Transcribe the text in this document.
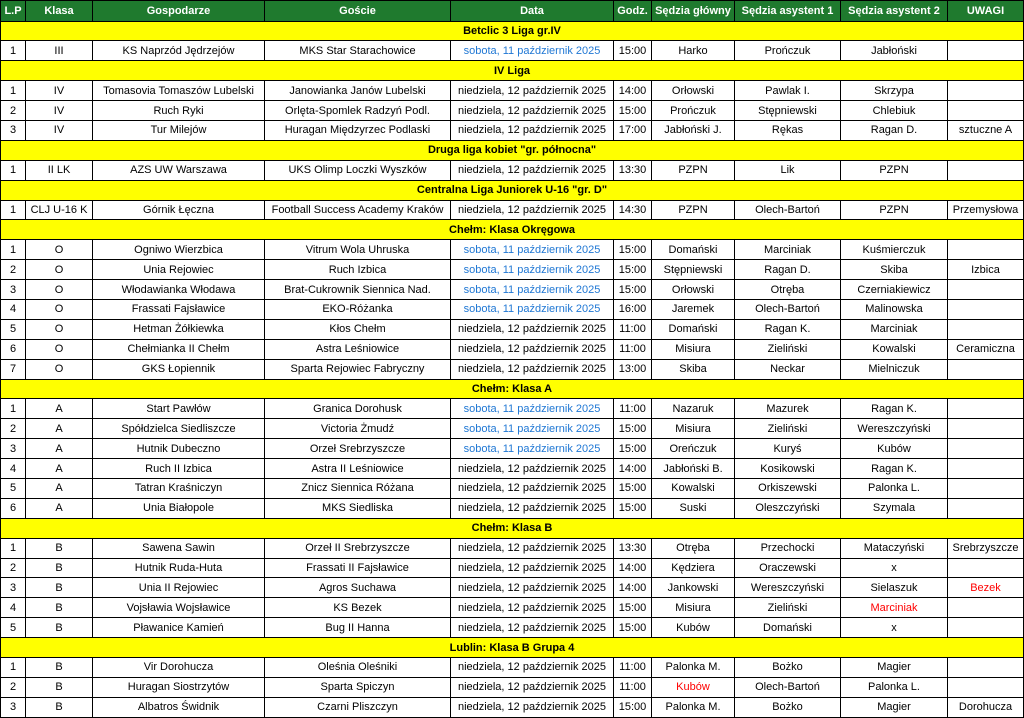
L.P	Klasa	Gospodarze	Goście	Data	Godz.	Sędzia główny	Sędzia asystent 1	Sędzia asystent 2	UWAGI
Betclic 3 Liga gr.IV									
1	III	KS Naprzód Jędrzejów	MKS Star Starachowice	sobota, 11 październik 2025	15:00	Harko	Prończuk	Jabłoński	
IV Liga									
1	IV	Tomasovia Tomaszów Lubelski	Janowianka Janów Lubelski	niedziela, 12 październik 2025	14:00	Orłowski	Pawlak I.	Skrzypa	
2	IV	Ruch Ryki	Orlęta-Spomlek Radzyń Podl.	niedziela, 12 październik 2025	15:00	Prończuk	Stępniewski	Chlebiuk	
3	IV	Tur Milejów	Huragan Międzyrzec Podlaski	niedziela, 12 październik 2025	17:00	Jabłoński J.	Rękas	Ragan D.	sztuczne A
Druga liga kobiet "gr. północna"									
1	II LK	AZS UW Warszawa	UKS Olimp Loczki Wyszków	niedziela, 12 październik 2025	13:30	PZPN	Lik	PZPN	
Centralna Liga Juniorek U-16 "gr. D"									
1	CLJ U-16 K	Górnik Łęczna	Football Success Academy Kraków	niedziela, 12 październik 2025	14:30	PZPN	Olech-Bartoń	PZPN	Przemysłowa
Chełm: Klasa Okręgowa									
1	O	Ogniwo Wierzbica	Vitrum Wola Uhruska	sobota, 11 październik 2025	15:00	Domański	Marciniak	Kuśmierczuk	
2	O	Unia Rejowiec	Ruch Izbica	sobota, 11 październik 2025	15:00	Stępniewski	Ragan D.	Skiba	Izbica
3	O	Włodawianka Włodawa	Brat-Cukrownik Siennica Nad.	sobota, 11 październik 2025	15:00	Orłowski	Otręba	Czerniakiewicz	
4	O	Frassati Fajsławice	EKO-Różanka	sobota, 11 październik 2025	16:00	Jaremek	Olech-Bartoń	Malinowska	
5	O	Hetman Żółkiewka	Kłos Chełm	niedziela, 12 październik 2025	11:00	Domański	Ragan K.	Marciniak	
6	O	Chełmianka II Chełm	Astra Leśniowice	niedziela, 12 październik 2025	11:00	Misiura	Zieliński	Kowalski	Ceramiczna
7	O	GKS Łopiennik	Sparta Rejowiec Fabryczny	niedziela, 12 październik 2025	13:00	Skiba	Neckar	Mielniczuk	
Chełm: Klasa A									
1	A	Start Pawłów	Granica Dorohusk	sobota, 11 październik 2025	11:00	Nazaruk	Mazurek	Ragan K.	
2	A	Spółdzielca Siedliszcze	Victoria Żmudź	sobota, 11 październik 2025	15:00	Misiura	Zieliński	Wereszczyński	
3	A	Hutnik Dubeczno	Orzeł Srebrzyszcze	sobota, 11 październik 2025	15:00	Oreńczuk	Kuryś	Kubów	
4	A	Ruch II Izbica	Astra II Leśniowice	niedziela, 12 październik 2025	14:00	Jabłoński B.	Kosikowski	Ragan K.	
5	A	Tatran Kraśniczyn	Znicz Siennica Różana	niedziela, 12 październik 2025	15:00	Kowalski	Orkiszewski	Palonka L.	
6	A	Unia Białopole	MKS Siedliska	niedziela, 12 październik 2025	15:00	Suski	Oleszczyński	Szymala	
Chełm: Klasa B									
1	B	Sawena Sawin	Orzeł II Srebrzyszcze	niedziela, 12 październik 2025	13:30	Otręba	Przechocki	Mataczyński	Srebrzyszcze
2	B	Hutnik Ruda-Huta	Frassati II Fajsławice	niedziela, 12 październik 2025	14:00	Kędziera	Oraczewski	x	
3	B	Unia II Rejowiec	Agros Suchawa	niedziela, 12 październik 2025	14:00	Jankowski	Wereszczyński	Sielaszuk	Bezek
4	B	Vojsławia Wojsławice	KS Bezek	niedziela, 12 październik 2025	15:00	Misiura	Zieliński	Marciniak	
5	B	Pławanice Kamień	Bug II Hanna	niedziela, 12 październik 2025	15:00	Kubów	Domański	x	
Lublin: Klasa B Grupa 4									
1	B	Vir Dorohucza	Oleśnia Oleśniki	niedziela, 12 październik 2025	11:00	Palonka M.	Bożko	Magier	
2	B	Huragan Siostrzytów	Sparta Spiczyn	niedziela, 12 październik 2025	11:00	Kubów	Olech-Bartoń	Palonka L.	
3	B	Albatros Świdnik	Czarni Pliszczyn	niedziela, 12 październik 2025	15:00	Palonka M.	Bożko	Magier	Dorohucza
